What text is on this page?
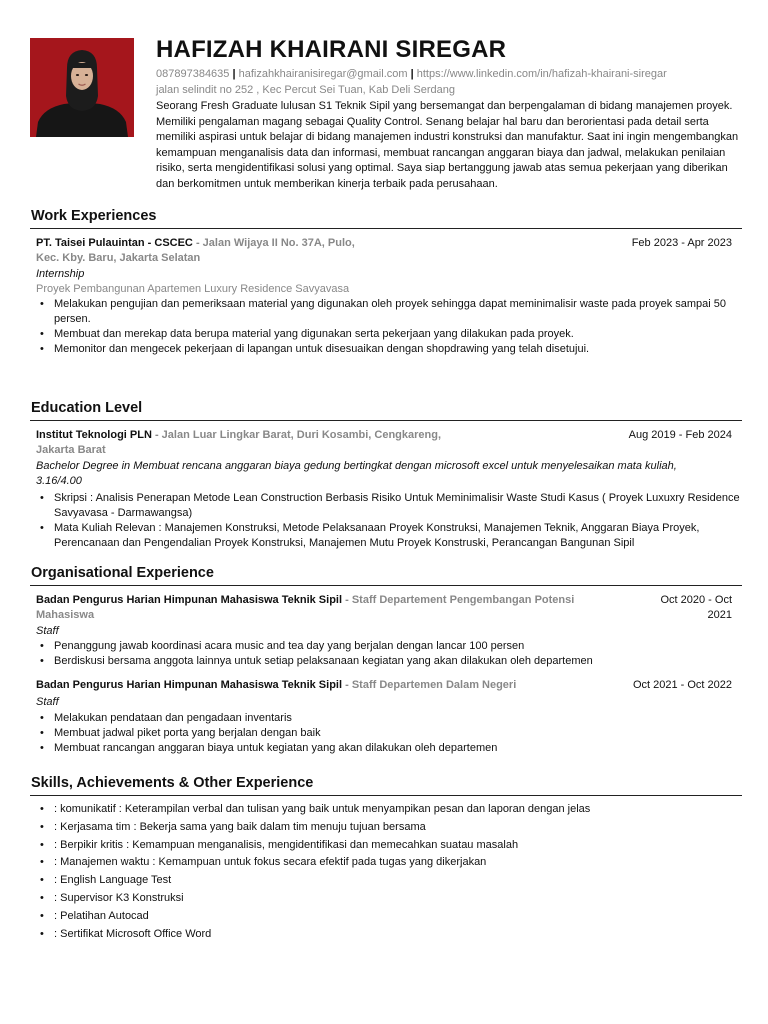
HAFIZAH KHAIRANI SIREGAR
087897384635 | hafizahkhairanisiregar@gmail.com | https://www.linkedin.com/in/hafizah-khairani-siregar
jalan selindit no 252 , Kec Percut Sei Tuan, Kab Deli Serdang
Seorang Fresh Graduate lulusan S1 Teknik Sipil yang bersemangat dan berpengalaman di bidang manajemen proyek. Memiliki pengalaman magang sebagai Quality Control. Senang belajar hal baru dan berorientasi pada detail serta memiliki aspirasi untuk belajar di bidang manajemen industri konstruksi dan manufaktur. Saat ini ingin mengembangkan kemampuan menganalisis data dan informasi, membuat rancangan anggaran biaya dan jadwal, melakukan penilaian risiko, serta mengidentifikasi solusi yang optimal. Saya siap bertanggung jawab atas semua pekerjaan yang diberikan dan berkomitmen untuk memberikan kinerja terbaik pada perusahaan.
Work Experiences
PT. Taisei Pulauintan - CSCEC - Jalan Wijaya II No. 37A, Pulo, Kec. Kby. Baru, Jakarta Selatan
Feb 2023 - Apr 2023
Internship
Proyek Pembangunan Apartemen Luxury Residence Savyavasa
• Melakukan pengujian dan pemeriksaan material yang digunakan oleh proyek sehingga dapat meminimalisir waste pada proyek sampai 50 persen.
• Membuat dan merekap data berupa material yang digunakan serta pekerjaan yang dilakukan pada proyek.
• Memonitor dan mengecek pekerjaan di lapangan untuk disesuaikan dengan shopdrawing yang telah disetujui.
Education Level
Institut Teknologi PLN - Jalan Luar Lingkar Barat, Duri Kosambi, Cengkareng, Jakarta Barat
Aug 2019 - Feb 2024
Bachelor Degree in Membuat rencana anggaran biaya gedung bertingkat dengan microsoft excel untuk menyelesaikan mata kuliah, 3.16/4.00
• Skripsi : Analisis Penerapan Metode Lean Construction Berbasis Risiko Untuk Meminimalisir Waste Studi Kasus ( Proyek Luxuxry Residence Savyavasa - Darmawangsa)
• Mata Kuliah Relevan : Manajemen Konstruksi, Metode Pelaksanaan Proyek Konstruksi, Manajemen Teknik, Anggaran Biaya Proyek, Perencanaan dan Pengendalian Proyek Konstruksi, Manajemen Mutu Proyek Konstruski, Perancangan Bangunan Sipil
Organisational Experience
Badan Pengurus Harian Himpunan Mahasiswa Teknik Sipil - Staff Departement Pengembangan Potensi Mahasiswa
Oct 2020 - Oct 2021
Staff
• Penanggung jawab koordinasi acara music and tea day yang berjalan dengan lancar 100 persen
• Berdiskusi bersama anggota lainnya untuk setiap pelaksanaan kegiatan yang akan dilakukan oleh departemen
Badan Pengurus Harian Himpunan Mahasiswa Teknik Sipil - Staff Departemen Dalam Negeri	Oct 2021 - Oct 2022
Staff
• Melakukan pendataan dan pengadaan inventaris
• Membuat jadwal piket porta yang berjalan dengan baik
• Membuat rancangan anggaran biaya untuk kegiatan yang akan dilakukan oleh departemen
Skills, Achievements & Other Experience
• : komunikatif : Keterampilan verbal dan tulisan yang baik untuk menyampikan pesan dan laporan dengan jelas
• : Kerjasama tim : Bekerja sama yang baik dalam tim menuju tujuan bersama
• : Berpikir kritis : Kemampuan menganalisis, mengidentifikasi dan memecahkan suatau masalah
• : Manajemen waktu : Kemampuan untuk fokus secara efektif pada tugas yang dikerjakan
• : English Language Test
• : Supervisor K3 Konstruksi
• : Pelatihan Autocad
• : Sertifikat Microsoft Office Word
